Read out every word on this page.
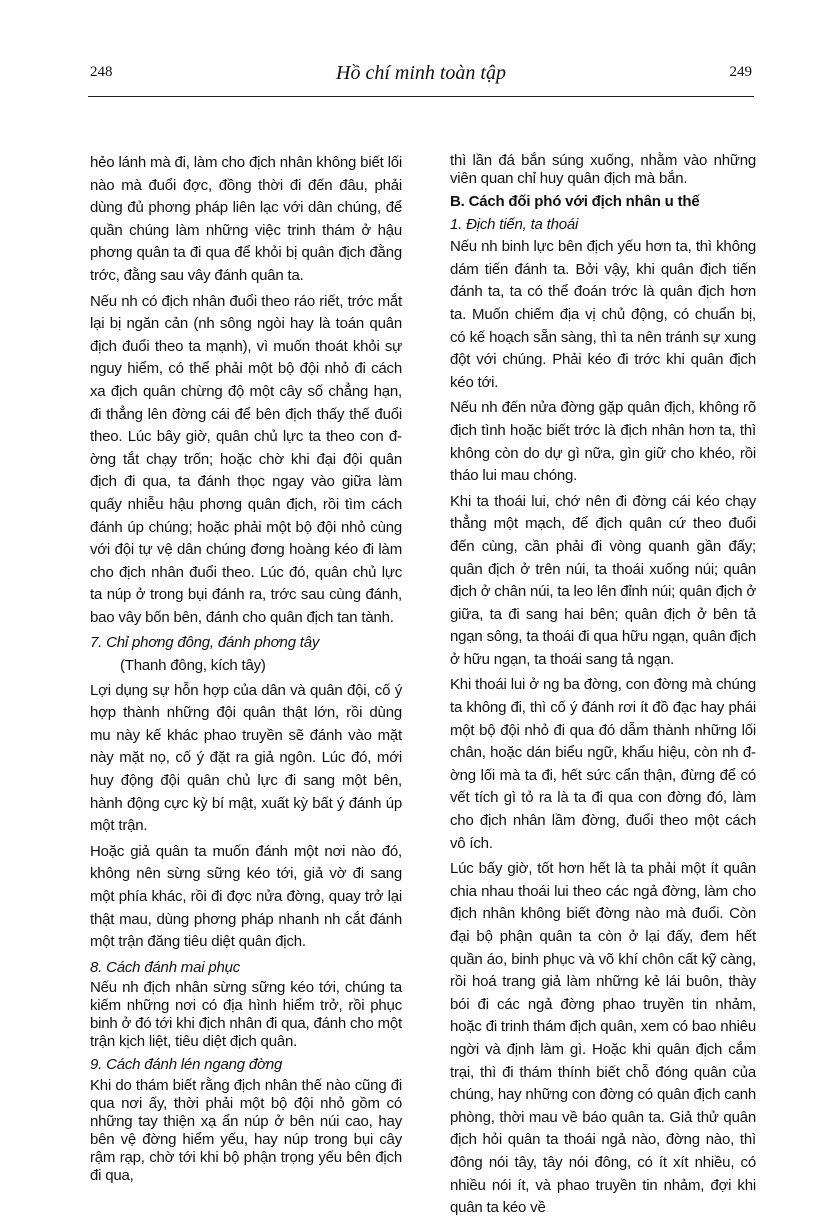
248	Hồ chí minh toàn tập	249

hẻo lánh mà đi, làm cho địch nhân không biết lối nào mà đuổi đợc, đồng thời đi đến đâu, phải dùng đủ phơng pháp liên lạc với dân chúng, để quần chúng làm những việc trinh thám ở hậu phơng quân ta đi qua để khỏi bị quân địch đằng trớc, đằng sau vây đánh quân ta.

Nếu nh có địch nhân đuổi theo ráo riết, trớc mắt lại bị ngăn cản (nh sông ngòi hay là toán quân địch đuổi theo ta mạnh), vì muốn thoát khỏi sự nguy hiểm, có thể phải một bộ đội nhỏ đi cách xa địch quân chừng độ một cây số chẳng hạn, đi thẳng lên đờng cái để bên địch thấy thế đuổi theo. Lúc bây giờ, quân chủ lực ta theo con đờng tắt chạy trốn; hoặc chờ khi đại đội quân địch đi qua, ta đánh thọc ngay vào giữa làm quấy nhiễu hậu phơng quân địch, rồi tìm cách đánh úp chúng; hoặc phải một bộ đội nhỏ cùng với đội tự vệ dân chúng đơng hoàng kéo đi làm cho địch nhân đuổi theo. Lúc đó, quân chủ lực ta núp ở trong bụi đánh ra, trớc sau cùng đánh, bao vây bốn bên, đánh cho quân địch tan tành.

7. Chỉ phơng đông, đánh phơng tây

(Thanh đông, kích tây)

Lợi dụng sự hỗn hợp của dân và quân đội, cố ý hợp thành những đội quân thật lớn, rồi dùng mu này kế khác phao truyền sẽ đánh vào mặt này mặt nọ, cố ý đặt ra giả ngôn. Lúc đó, mới huy động đội quân chủ lực đi sang một bên, hành động cực kỳ bí mật, xuất kỳ bất ý đánh úp một trận.

Hoặc giả quân ta muốn đánh một nơi nào đó, không nên sừng sững kéo tới, giả vờ đi sang một phía khác, rồi đi đợc nửa đờng, quay trở lại thật mau, dùng phơng pháp nhanh nh cắt đánh một trận đăng tiêu diệt quân địch.

8. Cách đánh mai phục

Nếu nh địch nhân sừng sững kéo tới, chúng ta kiếm những nơi có địa hình hiểm trở, rồi phục binh ở đó tới khi địch nhân đi qua, đánh cho một trận kịch liệt, tiêu diệt địch quân.

9. Cách đánh lén ngang đờng

Khi do thám biết rằng địch nhân thế nào cũng đi qua nơi ấy, thời phải một bộ đội nhỏ gồm có những tay thiện xạ ẩn núp ở bên núi cao, hay bên vệ đờng hiểm yếu, hay núp trong bụi cây rậm rạp, chờ tới khi bộ phận trọng yếu bên địch đi qua,

thì lần đá bắn súng xuống, nhằm vào những viên quan chỉ huy quân địch mà bắn.

B. Cách đối phó với địch nhân u thế

1. Địch tiến, ta thoái

Nếu nh binh lực bên địch yếu hơn ta, thì không dám tiến đánh ta. Bởi vậy, khi quân địch tiến đánh ta, ta có thể đoán trớc là quân địch hơn ta. Muốn chiếm địa vị chủ động, có chuẩn bị, có kế hoạch sẵn sàng, thì ta nên tránh sự xung đột với chúng. Phải kéo đi trớc khi quân địch kéo tới.

Nếu nh đến nửa đờng gặp quân địch, không rõ địch tình hoặc biết trớc là địch nhân hơn ta, thì không còn do dự gì nữa, gìn giữ cho khéo, rồi tháo lui mau chóng.

Khi ta thoái lui, chớ nên đi đờng cái kéo chạy thẳng một mạch, để địch quân cứ theo đuổi đến cùng, cần phải đi vòng quanh gần đấy; quân địch ở trên núi, ta thoái xuống núi; quân địch ở chân núi, ta leo lên đỉnh núi; quân địch ở giữa, ta đi sang hai bên; quân địch ở bên tả ngạn sông, ta thoái đi qua hữu ngạn, quân địch ở hữu ngạn, ta thoái sang tả ngạn.

Khi thoái lui ở ng ba đờng, con đờng mà chúng ta không đi, thì cố ý đánh rơi ít đồ đạc hay phái một bộ đội nhỏ đi qua đó dẫm thành những lối chân, hoặc dán biểu ngữ, khẩu hiệu, còn nh đờng lối mà ta đi, hết sức cẩn thận, đừng để có vết tích gì tỏ ra là ta đi qua con đờng đó, làm cho địch nhân lầm đờng, đuổi theo một cách vô ích.

Lúc bấy giờ, tốt hơn hết là ta phải một ít quân chia nhau thoái lui theo các ngả đờng, làm cho địch nhân không biết đờng nào mà đuổi. Còn đại bộ phận quân ta còn ở lại đấy, đem hết quần áo, binh phục và võ khí chôn cất kỹ càng, rồi hoá trang giả làm những kẻ lái buôn, thày bói đi các ngả đờng phao truyền tin nhảm, hoặc đi trinh thám địch quân, xem có bao nhiêu ngời và định làm gì. Hoặc khi quân địch cắm trại, thì đi thám thính biết chỗ đóng quân của chúng, hay những con đờng có quân địch canh phòng, thời mau về báo quân ta. Giả thử quân địch hỏi quân ta thoái ngả nào, đờng nào, thì đông nói tây, tây nói đông, có ít xít nhiều, có nhiều nói ít, và phao truyền tin nhảm, đợi khi quân ta kéo về
